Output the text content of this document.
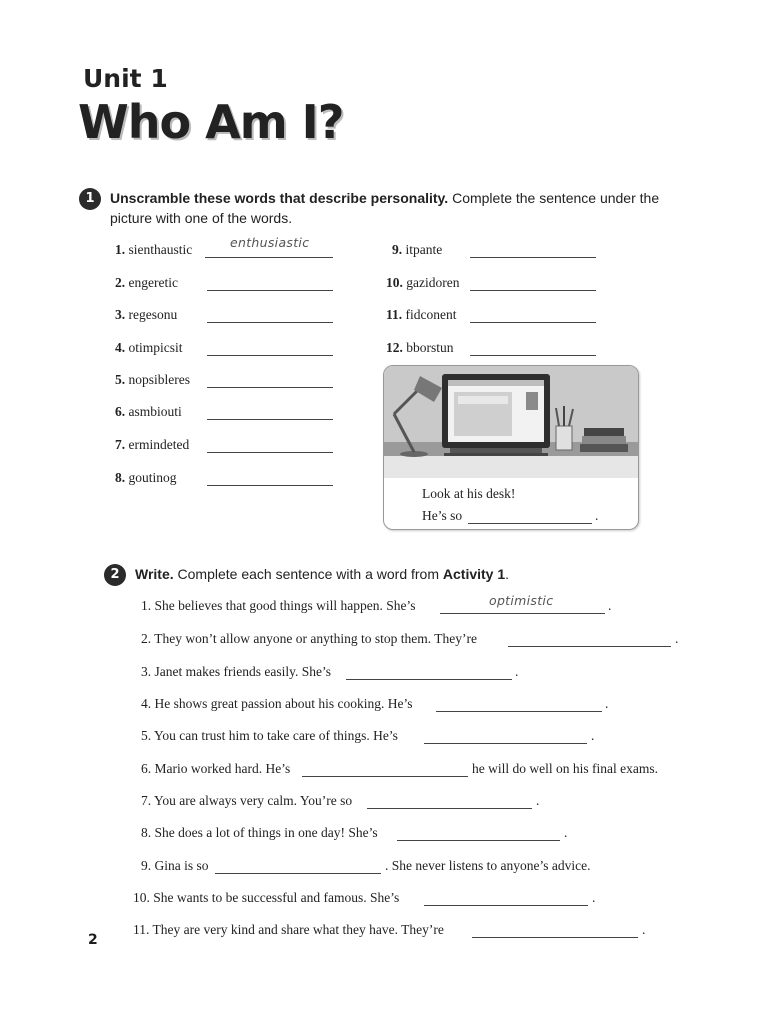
Unit 1
Who Am I?
1	Unscramble these words that describe personality. Complete the sentence under the
picture with one of the words.
1. sienthaustic	enthusiastic
2. engeretic
3. regesonu
4. otimpicsit
5. nopsibleres
6. asmbiouti
7. ermindeted
8. goutinog
9. itpante
10. gazidoren
11. fidconent
12. bborstun
Look at his desk!
He’s so	.
2	Write. Complete each sentence with a word from Activity 1.
1. She believes that good things will happen. She’s	optimistic	.
2. They won’t allow anyone or anything to stop them. They’re	.
3. Janet makes friends easily. She’s	.
4. He shows great passion about his cooking. He’s	.
5. You can trust him to take care of things. He’s	.
6. Mario worked hard. He’s	he will do well on his final exams.
7. You are always very calm. You’re so	.
8. She does a lot of things in one day! She’s	.
9. Gina is so	. She never listens to anyone’s advice.
10. She wants to be successful and famous. She’s	.
11. They are very kind and share what they have. They’re	.
2
